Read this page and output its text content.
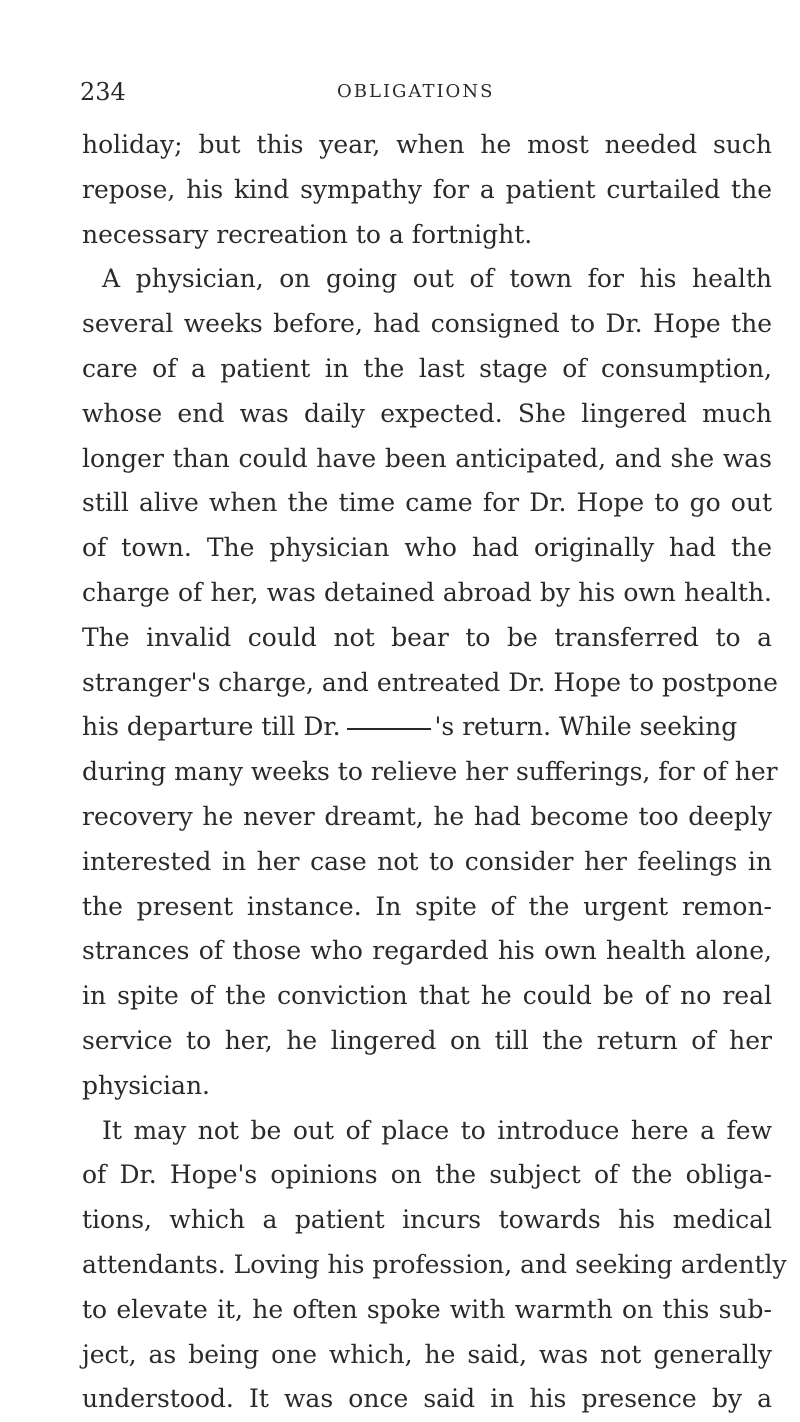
234	OBLIGATIONS
holiday; but this year, when he most needed such
repose, his kind sympathy for a patient curtailed the
necessary recreation to a fortnight.
A physician, on going out of town for his health
several weeks before, had consigned to Dr. Hope the
care of a patient in the last stage of consumption,
whose end was daily expected. She lingered much
longer than could have been anticipated, and she was
still alive when the time came for Dr. Hope to go out
of town. The physician who had originally had the
charge of her, was detained abroad by his own health.
The invalid could not bear to be transferred to a
stranger's charge, and entreated Dr. Hope to postpone
his departure till Dr.	's return. While seeking
during many weeks to relieve her sufferings, for of her
recovery he never dreamt, he had become too deeply
interested in her case not to consider her feelings in
the present instance. In spite of the urgent remon-
strances of those who regarded his own health alone,
in spite of the conviction that he could be of no real
service to her, he lingered on till the return of her
physician.
It may not be out of place to introduce here a few
of Dr. Hope's opinions on the subject of the obliga-
tions, which a patient incurs towards his medical
attendants. Loving his profession, and seeking ardently
to elevate it, he often spoke with warmth on this sub-
ject, as being one which, he said, was not generally
understood. It was once said in his presence by a
